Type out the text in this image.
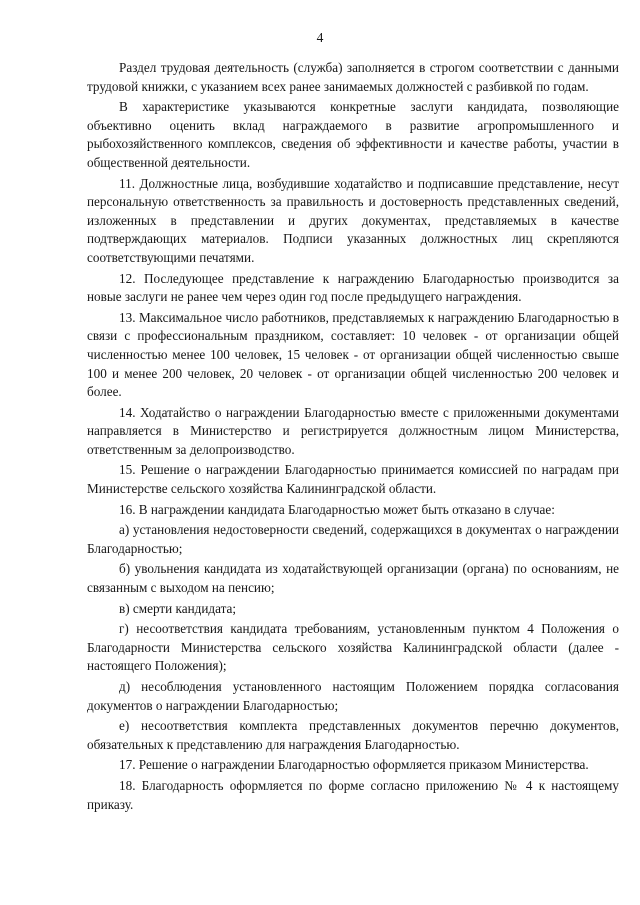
4

Раздел трудовая деятельность (служба) заполняется в строгом соответствии с данными трудовой книжки, с указанием всех ранее занимаемых должностей с разбивкой по годам.

В характеристике указываются конкретные заслуги кандидата, позволяющие объективно оценить вклад награждаемого в развитие агропромышленного и рыбохозяйственного комплексов, сведения об эффективности и качестве работы, участии в общественной деятельности.

11. Должностные лица, возбудившие ходатайство и подписавшие представление, несут персональную ответственность за правильность и достоверность представленных сведений, изложенных в представлении и других документах, представляемых в качестве подтверждающих материалов. Подписи указанных должностных лиц скрепляются соответствующими печатями.

12. Последующее представление к награждению Благодарностью производится за новые заслуги не ранее чем через один год после предыдущего награждения.

13. Максимальное число работников, представляемых к награждению Благодарностью в связи с профессиональным праздником, составляет: 10 человек - от организации общей численностью менее 100 человек, 15 человек - от организации общей численностью свыше 100 и менее 200 человек, 20 человек - от организации общей численностью 200 человек и более.

14. Ходатайство о награждении Благодарностью вместе с приложенными документами направляется в Министерство и регистрируется должностным лицом Министерства, ответственным за делопроизводство.

15. Решение о награждении Благодарностью принимается комиссией по наградам при Министерстве сельского хозяйства Калининградской области.

16. В награждении кандидата Благодарностью может быть отказано в случае:

а) установления недостоверности сведений, содержащихся в документах о награждении Благодарностью;

б) увольнения кандидата из ходатайствующей организации (органа) по основаниям, не связанным с выходом на пенсию;

в) смерти кандидата;

г) несоответствия кандидата требованиям, установленным пунктом 4 Положения о Благодарности Министерства сельского хозяйства Калининградской области (далее - настоящего Положения);

д) несоблюдения установленного настоящим Положением порядка согласования документов о награждении Благодарностью;

е) несоответствия комплекта представленных документов перечню документов, обязательных к представлению для награждения Благодарностью.

17. Решение о награждении Благодарностью оформляется приказом Министерства.

18. Благодарность оформляется по форме согласно приложению № 4 к настоящему приказу.
